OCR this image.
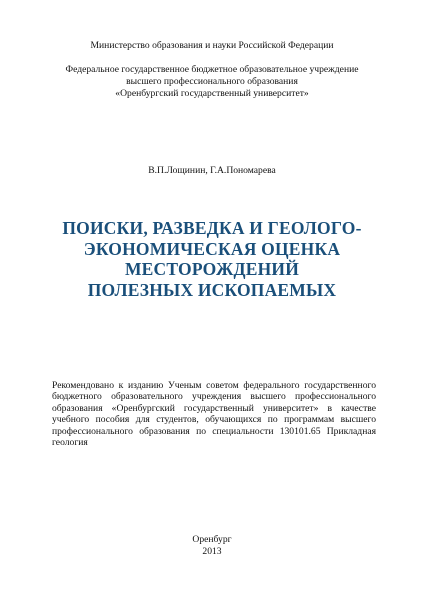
Министерство образования и науки Российской Федерации
Федеральное государственное бюджетное образовательное учреждение
высшего профессионального образования
«Оренбургский государственный университет»
В.П.Лощинин, Г.А.Пономарева
ПОИСКИ, РАЗВЕДКА И ГЕОЛОГО-
ЭКОНОМИЧЕСКАЯ ОЦЕНКА
МЕСТОРОЖДЕНИЙ
ПОЛЕЗНЫХ ИСКОПАЕМЫХ
Рекомендовано к изданию Ученым советом федерального государственного
бюджетного образовательного учреждения высшего профессионального
образования «Оренбургский государственный университет» в качестве
учебного пособия для студентов, обучающихся по программам высшего
профессионального образования по специальности 130101.65 Прикладная
геология
Оренбург
2013
